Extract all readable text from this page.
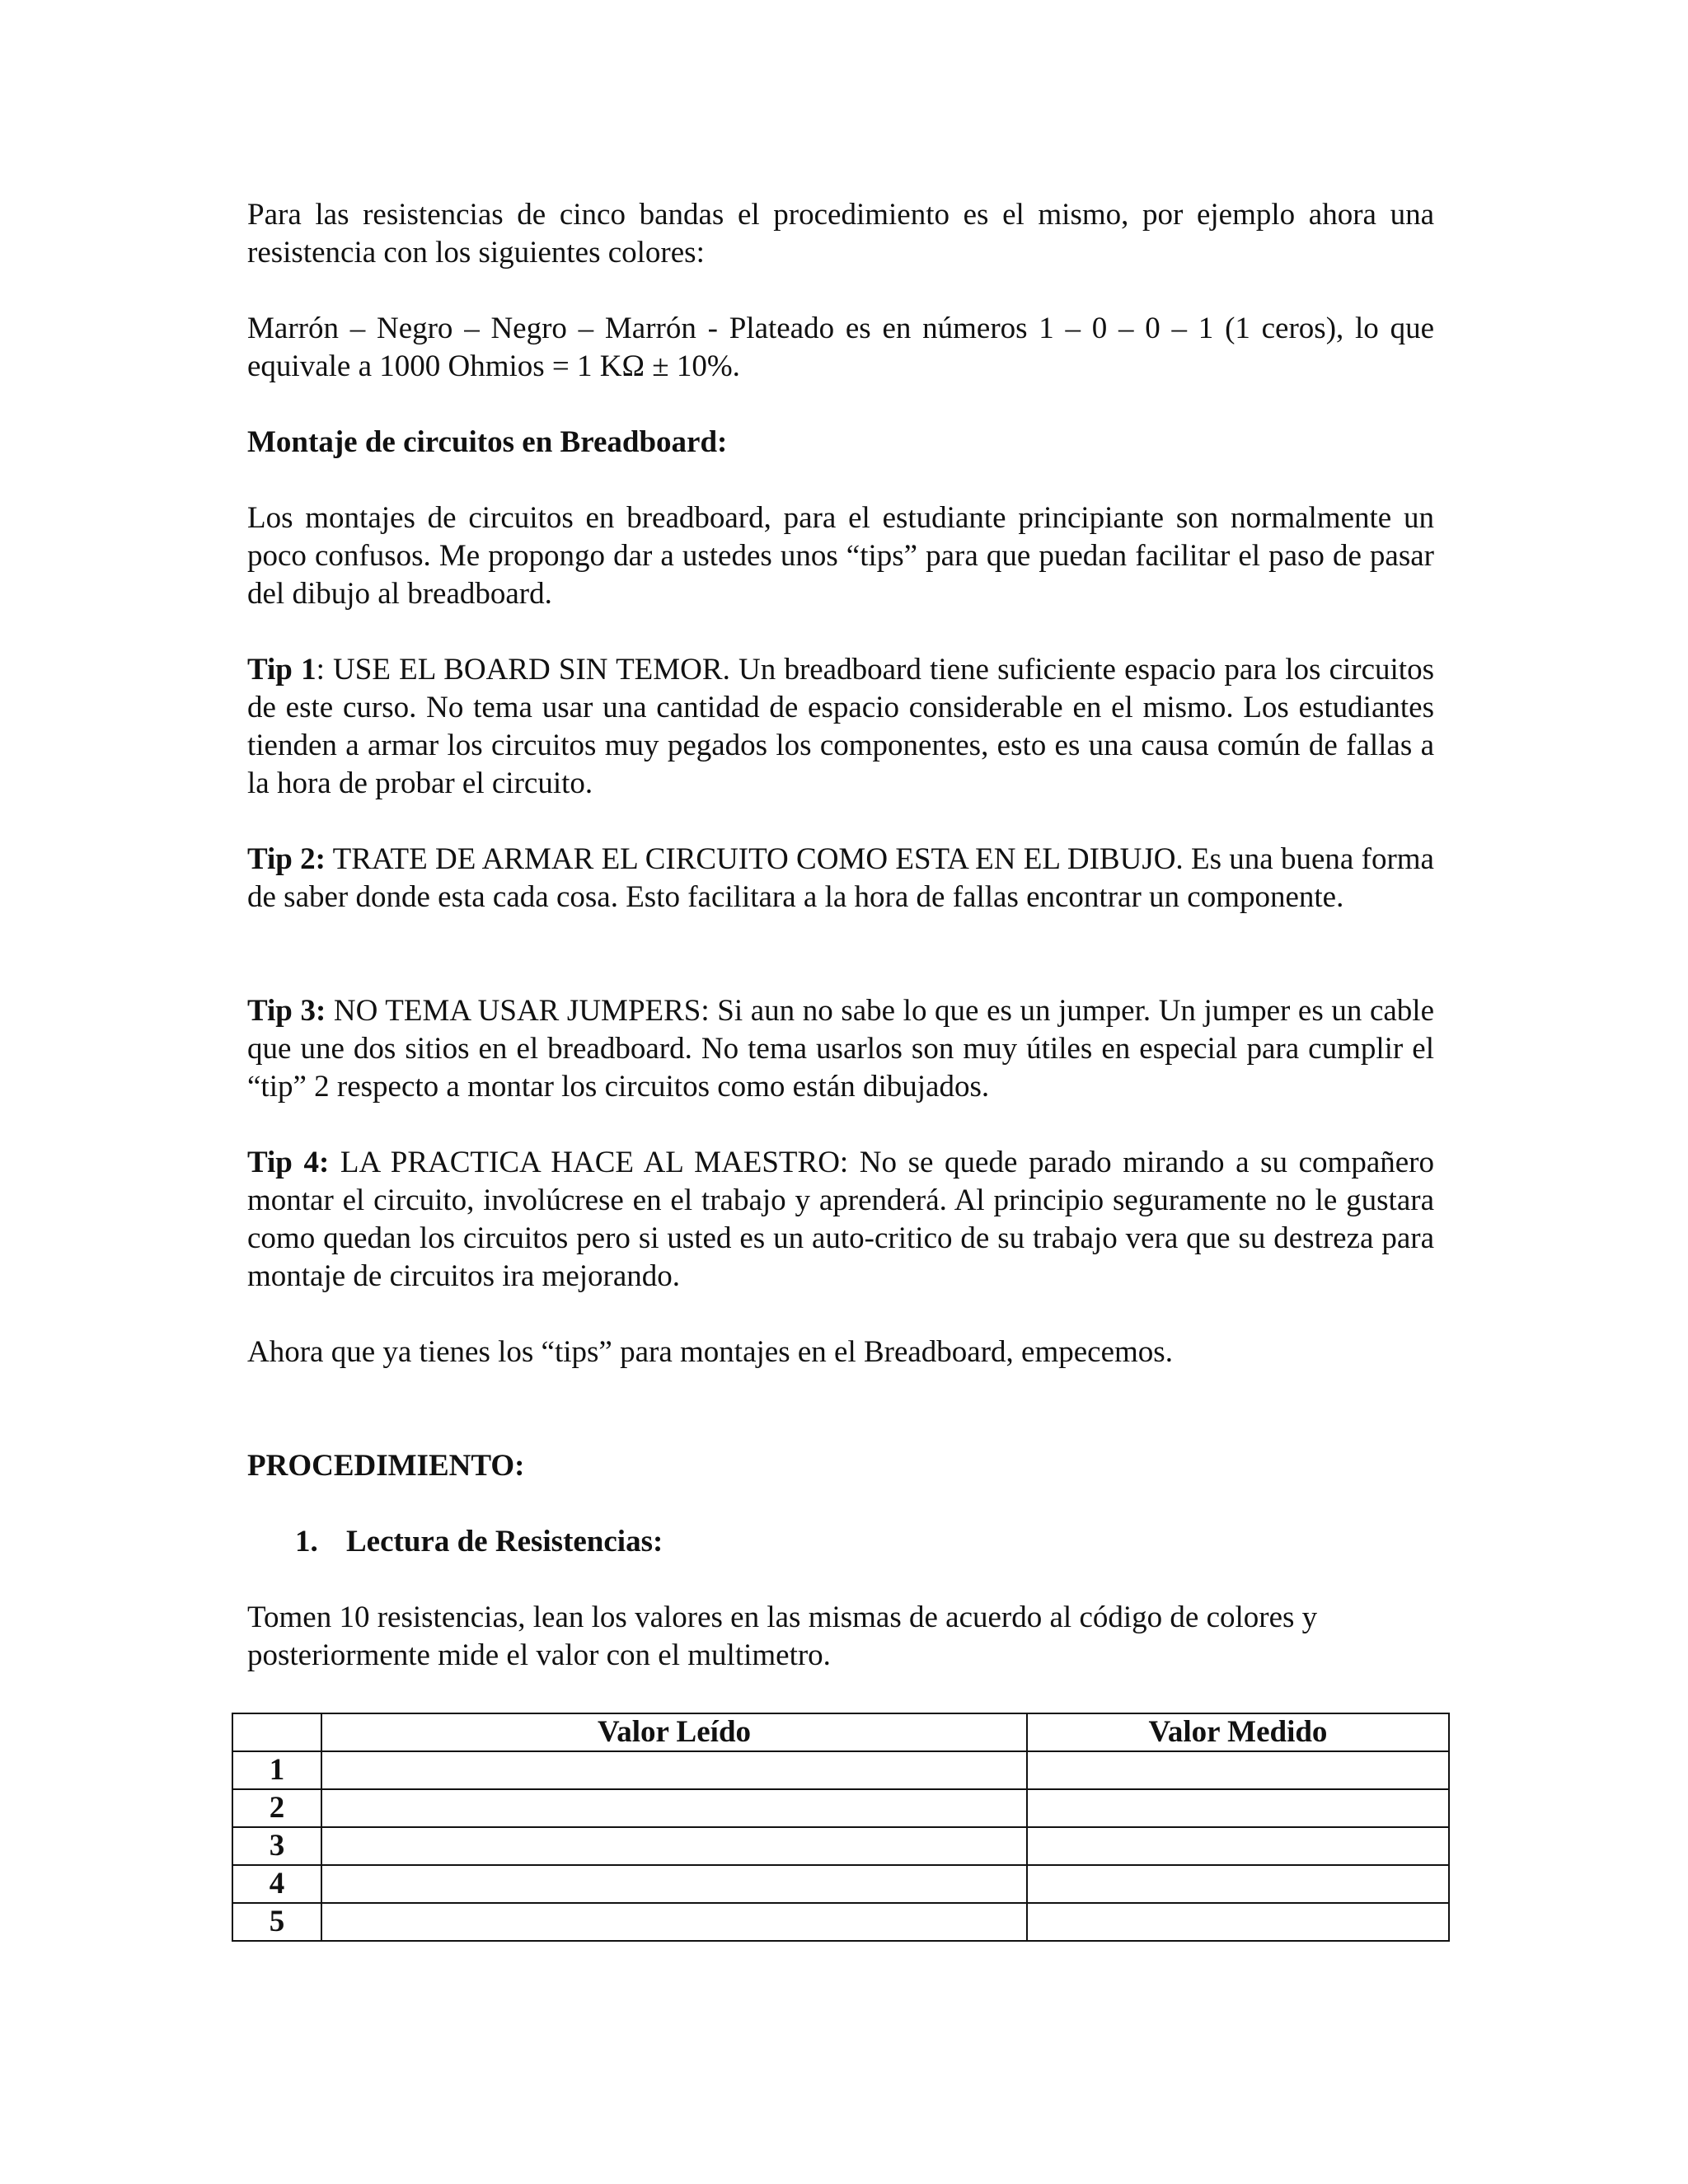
Para las resistencias de cinco bandas el procedimiento es el mismo, por ejemplo ahora una resistencia con los siguientes colores:

Marrón – Negro – Negro – Marrón - Plateado es en números 1 – 0 – 0 – 1 (1 ceros), lo que equivale a 1000 Ohmios = 1 KΩ ± 10%.

Montaje de circuitos en Breadboard:

Los montajes de circuitos en breadboard, para el estudiante principiante son normalmente un poco confusos. Me propongo dar a ustedes unos “tips” para que puedan facilitar el paso de pasar del dibujo al breadboard.

Tip 1: USE EL BOARD SIN TEMOR. Un breadboard tiene suficiente espacio para los circuitos de este curso. No tema usar una cantidad de espacio considerable en el mismo. Los estudiantes tienden a armar los circuitos muy pegados los componentes, esto es una causa común de fallas a la hora de probar el circuito.

Tip 2: TRATE DE ARMAR EL CIRCUITO COMO ESTA EN EL DIBUJO. Es una buena forma de saber donde esta cada cosa. Esto facilitara a la hora de fallas encontrar un componente.

Tip 3: NO TEMA USAR JUMPERS: Si aun no sabe lo que es un jumper. Un jumper es un cable que une dos sitios en el breadboard. No tema usarlos son muy útiles en especial para cumplir el “tip” 2 respecto a montar los circuitos como están dibujados.

Tip 4: LA PRACTICA HACE AL MAESTRO: No se quede parado mirando a su compañero montar el circuito, involúcrese en el trabajo y aprenderá. Al principio seguramente no le gustara como quedan los circuitos pero si usted es un auto-critico de su trabajo vera que su destreza para montaje de circuitos ira mejorando.

Ahora que ya tienes los “tips” para montajes en el Breadboard, empecemos.

PROCEDIMIENTO:

1. Lectura de Resistencias:

Tomen 10 resistencias, lean los valores en las mismas de acuerdo al código de colores y posteriormente mide el valor con el multimetro.

	Valor Leído	Valor Medido
1		
2		
3		
4		
5		
